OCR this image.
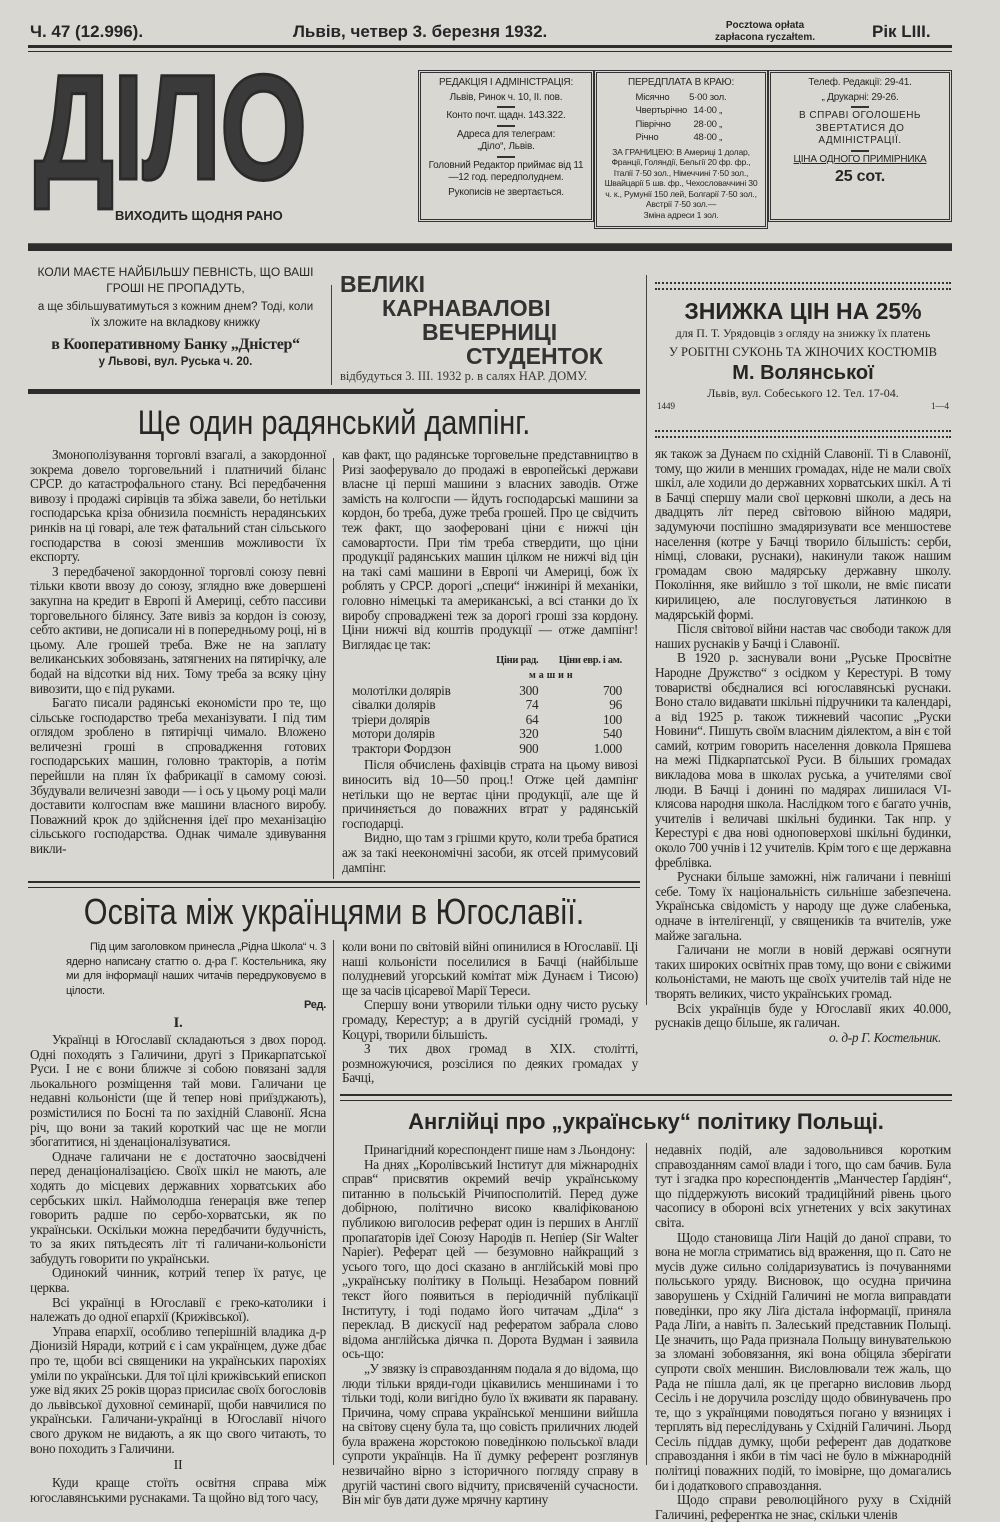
Ч. 47 (12.996).	Львів, четвер 3. березня 1932.	Pocztowa opłata
zapłacona ryczałtem.	Рік LIII.
ДІЛО
ВИХОДИТЬ ЩОДНЯ РАНО

РЕДАКЦІЯ І АДМІНІСТРАЦІЯ:

Львів, Ринок ч. 10, II. пов.

Конто почт. щадн. 143.322.

Адреса для телеграм:

„Діло“, Львів.

Головний Редактор приймає від 11—12 год. передполуднем.

Рукописів не звертається.

ПЕРЕДПЛАТА В КРАЮ:

Місячно	5·00 зол.
Чвертьрічно	14·00 „
Піврічно	28·00 „
Річно	48·00 „

ЗА ГРАНИЦЕЮ: В Америці 1 долар, Франції, Голяндії, Бельгії 20 фр. фр., Італії 7·50 зол., Німеччині 7·50 зол., Швайцарії 5 шв. фр., Чехословаччині 30 ч. к., Румунії 150 лей, Болгарії 7·50 зол., Австрії 7·50 зол.—

Зміна адреси 1 зол.

Телеф. Редакції: 29-41.

„ Друкарні: 29-26.

В СПРАВІ ОГОЛОШЕНЬ ЗВЕРТАТИСЯ ДО АДМІНІСТРАЦІЇ.

ЦІНА ОДНОГО ПРИМІРНИКА

25 сот.

КОЛИ МАЄТЕ НАЙБІЛЬШУ ПЕВНІСТЬ, ЩО ВАШІ ГРОШІ НЕ ПРОПАДУТЬ,
а ще збільшуватимуться з кожним днем? Тоді, коли їх зложите на вкладкову книжку
в Кооперативному Банку „Дністер“
у Львові, вул. Руська ч. 20.
ВЕЛИКІ
КАРНАВАЛОВІ
ВЕЧЕРНИЦІ
СТУДЕНТОК
відбудуться 3. III. 1932 р. в салях НАР. ДОМУ.
ЗНИЖКА ЦІН НА 25%
для П. Т. Урядовців з огляду на знижку їх платень
У РОБІТНІ СУКОНЬ ТА ЖІНОЧИХ КОСТЮМІВ
М. Волянської
Львів, вул. Собеського 12. Тел. 17-04.
1449	1—4
Ще один радянський дампінг.

Змонополізування торговлі взагалі, а закордонної зокрема довело торговельний і платничий біланс СРСР. до катастрофального стану. Всі передбачення вивозу і продажі сирівців та збіжа завели, бо нетільки господарська кріза обнизила поємність нерадянських ринків на ці говарі, але теж фатальний стан сільського господарства в союзі зменшив можливости їх експорту.

З передбаченої закордонної торговлі союзу певні тільки квоти ввозу до союзу, зглядно вже довершені закупна на кредит в Европі й Америці, себто пассиви торговельного білянсу. Зате вивіз за кордон із союзу, себто активи, не дописали ні в попередньому році, ні в цьому. Але грошей треба. Вже не на заплату великанських зобовязань, затягнених на пятирічку, але бодай на відсотки від них. Тому треба за всяку ціну вивозити, що є під руками.

Багато писали радянські економісти про те, що сільське господарство треба механізувати. І під тим оглядом зроблено в пятирічці чимало. Вложено величезні гроші в спровадження готових господарських машин, головно тракторів, а потім перейшли на плян їх фабрикації в самому союзі. Збудували величезні заводи — і ось у цьому році мали доставити колгоспам вже машини власного виробу. Поважний крок до здійснення ідеї про механізацію сільського господарства. Однак чимале здивування викли-

кав факт, що радянське торговельне представництво в Ризі заоферувало до продажі в европейські держави власне ці перші машини з власних заводів. Отже замість на колгоспи — йдуть господарські машини за кордон, бо треба, дуже треба грошей. Про це свідчить теж факт, що заофер​овані ціни є нижчі цін самовартости. При тім треба ствердити, що ціни продукції радянських машин цілком не нижчі від цін на такі самі машини в Европі чи Америці, бож їх роблять у СРСР. дорогі „специ“ інжинірі й механіки, головно німецькі та американські, а всі станки до їх виробу спроваджені теж за дорогі гроші зза кордону. Ціни нижчі від коштів продукції — отже дампінг! Виглядає це так:

	Ціни рад.	Ціни евр. і ам.
	машин	
молотілки долярів	300	700
сівалки долярів	74	96
тріери долярів	64	100
мотори долярів	320	540
трактори Фордзон	900	1.000

Після обчислень фахівців страта на цьому вивозі виносить від 10—50 проц.! Отже цей дампінг нетільки що не вертає ціни продукції, але ще й причиняється до поважних втрат у радянській господарці.

Видно, що там з грішми круто, коли треба братися аж за такі неекономічні засоби, як отсей примусовий дампінг.

Освіта між українцями в Югославії.

Під цим заголовком принесла „Рідна Школа“ ч. 3 ядерно написану статтю о. д-ра Г. Костельника, яку ми для інформації наших читачів передруковуємо в цілости.

Ред.
I.

Українці в Югославії складаються з двох пород. Одні походять з Галичини, другі з Прикарпатської Руси. І не є вони ближче зі собою повязані задля льокального розміщення тай мови. Галичани це недавні кольоністи (ще й тепер нові приїзджають), розмістилися по Босні та по західній Славонії. Ясна річ, що вони за такий короткий час ще не могли збогатитися, ні зденаціоналізуватися.

Одначе галичани не є достаточно заосвідчені перед денаціоналізацією. Своїх шкіл не мають, але ходять до місцевих державних хорватських або сербських шкіл. Наймолодша ґенерація вже тепер говорить радше по сербо-хорватськи, як по українськи. Оскільки можна передбачити будучність, то за яких пятьдесять літ ті галичани-кольоністи забудуть говорити по українськи.

Одинокий чинник, котрий тепер їх ратує, це церква.

Всі українці в Югославії є греко-католики і належать до одної епархії (Крижівської).

Управа епархії, особливо теперішній владика д-р Діонизій Няради, котрий є і сам українцем, дуже дбає про те, щоби всі священики на українських парохіях уміли по українськи. Для тої цілі крижівський епископ уже від яких 25 років щораз присилає своїх богословів до львівської духовної семинарії, щоби навчилися по українськи. Галичани-українці в Югославії нічого свого друком не видають, а як що свого читають, то воно походить з Галичини.

II

Куди краще стоїть освітня справа між югославянськими руснаками. Та щойно від того часу,

коли вони по світовій війні опинилися в Югославії. Ці наші кольоністи поселилися в Бачці (найбільше полудневий угорський комітат між Дунаєм і Тисою) ще за часів цісаревої Марії Тереси.

Спершу вони утворили тільки одну чисто руську громаду, Керестур; а в другій сусідній громаді, у Коцурі, творили більшість.

З тих двох громад в XIX. столітті, розмножуючися, розсілися по деяких громадах у Бачці,

як також за Дунаєм по східній Славонії. Ті в Славонії, тому, що жили в менших громадах, ніде не мали своїх шкіл, але ходили до державних хорватських шкіл. А ті в Бачці спершу мали свої церковні школи, а десь на двадцять літ перед світовою війною мадяри, задумуючи поспішно змадяризувати все меншостеве населення (котре у Бачці творило більшість: серби, німці, словаки, руснаки), накинули також нашим громадам свою мадярську державну школу. Покоління, яке вийшло з тої школи, не вміє писати кирилицею, але послуговується латинкою в мадярській формі.

Після світової війни настав час свободи також для наших руснаків у Бачці і Славонії.

В 1920 р. заснували вони „Руське Просвітне Народне Дружство“ з осідком у Керестурі. В тому товаристві обєдналися всі югославянські руснаки. Воно стало видавати шкільні підручники та календарі, а від 1925 р. також тижневий часопис „Руски Новини“. Пишуть своїм власним діялектом, а він є той самий, котрим говорить населення довкола Пряшева на межі Підкарпатської Руси. В більших громадах викладова мова в школах руська, а учителями свої люди. В Бачці і донині по мадярах лишилася VI-клясова народня школа. Наслідком того є багато учнів, учителів і величаві шкільні будинки. Так нпр. у Керестурі є два нові одноповерхові шкільні будинки, около 700 учнів і 12 учителів. Крім того є ще державна фреблівка.

Руснаки більше заможні, ніж галичани і певніші себе. Тому їх національність сильніше забезпечена. Українська свідомість у народу ще дуже слабенька, одначе в інтелігенції, у священиків та вчителів, уже майже загальна.

Галичани не могли в новій державі осягнути таких широких освітніх прав тому, що вони є свіжими кольоністами, не мають ще своїх учителів тай ніде не творять великих, чисто українських громад.

Всіх українців буде у Югославії яких 40.000, руснаків дещо більше, як галичан.

о. д-р Г. Костельник.
Англійці про „українську“ політику Польщі.

Принагідний кореспондент пише нам з Льондону:

На днях „Королівський Інститут для міжнародніх справ“ присвятив окремий вечір українському питанню в польській Річипосполитій. Перед дуже добірною, політично високо кваліфікованою публикою виголосив реферат один із перших в Англії пропаґаторів ідеї Союзу Народів п. Непіер (Sir Walter Napier). Реферат цей — безумовно найкращий з усього того, що досі сказано в англійській мові про „українську політику в Польщі. Незабаром повний текст його появиться в періодичній публікації Інституту, і тоді подамо його читачам „Діла“ з переклад. В дискусії над рефератом забрала слово відома англійська діячка п. Дорота Вудман і заявила ось-що:

„У звязку із справозданням подала я до відома, що люди тільки вряди-годи цікавились меншинами і то тільки тоді, коли вигідно було їх вживати як парaвану. Причина, чому справа української меншини вийшла на світову сцену була та, що совість приличних людей була вражена жорстокою поведінкою польської влади супроти українців. На її думку референт розглянув незвичайно вірно з історичного погляду справу в другій частині свого відчиту, присвяченій сучасности. Він міг був дати дуже мрячну картину

недавніх подій, але задовольнився коротким справозданням самої влади і того, що сам бачив. Була тут і згадка про кореспондентів „Манчестер Ґардіян“, що піддержують високий традиційний рівень цього часопису в обороні всіх угнетених у всіх закутинах світа.

Щодо становища Ліґи Націй до даної справи, то вона не могла стриматись від враження, що п. Сато не мусів дуже сильно солідаризуватись із почуваннями польського уряду. Висновок, що осудна причина заворушень у Східній Галичині не могла виправдати поведінки, про яку Ліґа дістала інформації, приняла Рада Ліґи, а навіть п. Залеський представник Польщі. Це значить, що Рада признала Польщу винувателькою за зломані зобовязання, які вона обіцяла зберігати супроти своїх меншин. Висловлювали теж жаль, що Рада не пішла далі, як це прегарно висловив льорд Сесіль і не доручила розсліду щодо обвинувачень про те, що з українцями поводяться погано у вязницях і терплять від переслідувань у Східній Галичині. Льорд Сесіль піддав думку, щоби референт дав додаткове справоздання і якби в тім часі не було в міжнародній політиці поважних подій, то імовірне, що домагались би і додаткового справоздання.

Щодо справи революційного руху в Східній Галичині, референтка не знає, скільки членів
